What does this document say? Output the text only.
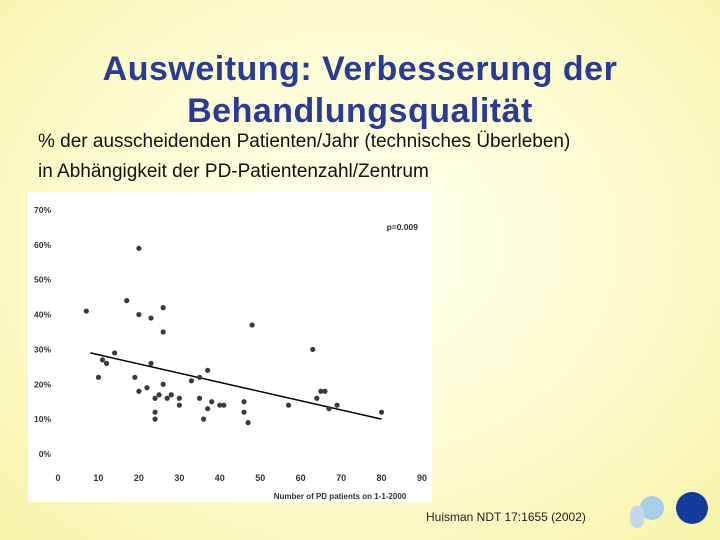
Ausweitung: Verbesserung der Behandlungsqualität
% der ausscheidenden Patienten/Jahr (technisches Überleben)
in Abhängigkeit der PD-Patientenzahl/Zentrum
0%
10%
20%
30%
40%
50%
60%
70%
0	10	20	30	40	50	60	70	80	90
Number of PD patients on 1-1-2000
p=0.009
Huisman NDT 17:1655 (2002)
